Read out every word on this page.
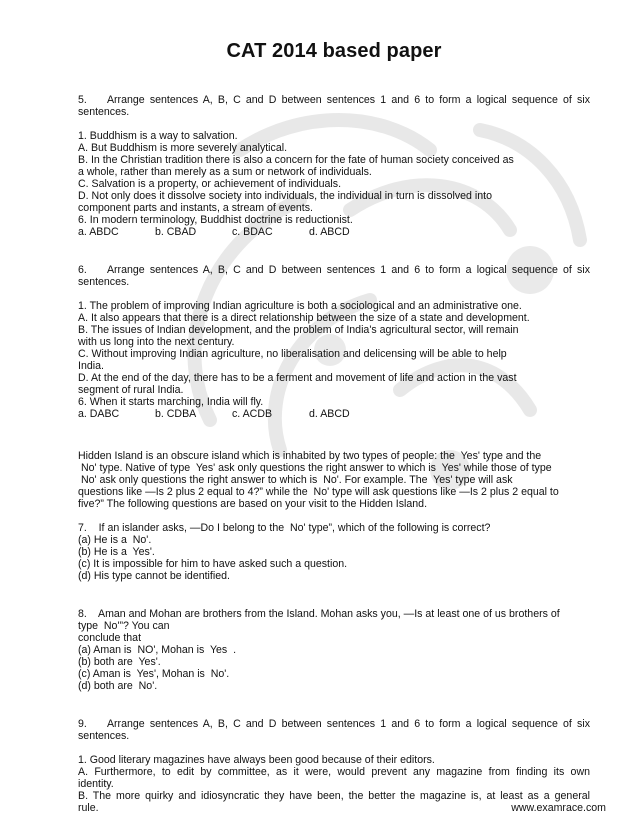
CAT 2014 based paper
5.    Arrange sentences A, B, C and D between sentences 1 and 6 to form a logical sequence of six
sentences.
1. Buddhism is a way to salvation.
A. But Buddhism is more severely analytical.
B. In the Christian tradition there is also a concern for the fate of human society conceived as
a whole, rather than merely as a sum or network of individuals.
C. Salvation is a property, or achievement of individuals.
D. Not only does it dissolve society into individuals, the individual in turn is dissolved into
component parts and instants, a stream of events.
6. In modern terminology, Buddhist doctrine is reductionist.
a. ABDC	b. CBAD	c. BDAC	d. ABCD
6.    Arrange sentences A, B, C and D between sentences 1 and 6 to form a logical sequence of six
sentences.
1. The problem of improving Indian agriculture is both a sociological and an administrative one.
A. It also appears that there is a direct relationship between the size of a state and development.
B. The issues of Indian development, and the problem of India's agricultural sector, will remain
with us long into the next century.
C. Without improving Indian agriculture, no liberalisation and delicensing will be able to help
India.
D. At the end of the day, there has to be a ferment and movement of life and action in the vast
segment of rural India.
6. When it starts marching, India will fly.
a. DABC	b. CDBA	c. ACDB	d. ABCD
Hidden Island is an obscure island which is inhabited by two types of people: the  Yes' type and the
No' type. Native of type  Yes' ask only questions the right answer to which is  Yes' while those of type
No' ask only questions the right answer to which is  No'. For example. The  Yes' type will ask
questions like —Is 2 plus 2 equal to 4?” while the  No' type will ask questions like —Is 2 plus 2 equal to
five?” The following questions are based on your visit to the Hidden Island.
7.    If an islander asks, —Do I belong to the  No' type”, which of the following is correct?
(a) He is a  No'.
(b) He is a  Yes'.
(c) It is impossible for him to have asked such a question.
(d) His type cannot be identified.
8.    Aman and Mohan are brothers from the Island. Mohan asks you, —Is at least one of us brothers of
type  No'”? You can
conclude that
(a) Aman is  NO', Mohan is  Yes  .
(b) both are  Yes'.
(c) Aman is  Yes', Mohan is  No'.
(d) both are  No'.
9.    Arrange sentences A, B, C and D between sentences 1 and 6 to form a logical sequence of six
sentences.
1. Good literary magazines have always been good because of their editors.
A. Furthermore, to edit by committee, as it were, would prevent any magazine from finding its own
identity.
B. The more quirky and idiosyncratic they have been, the better the magazine is, at least as a general
rule.	www.examrace.com
